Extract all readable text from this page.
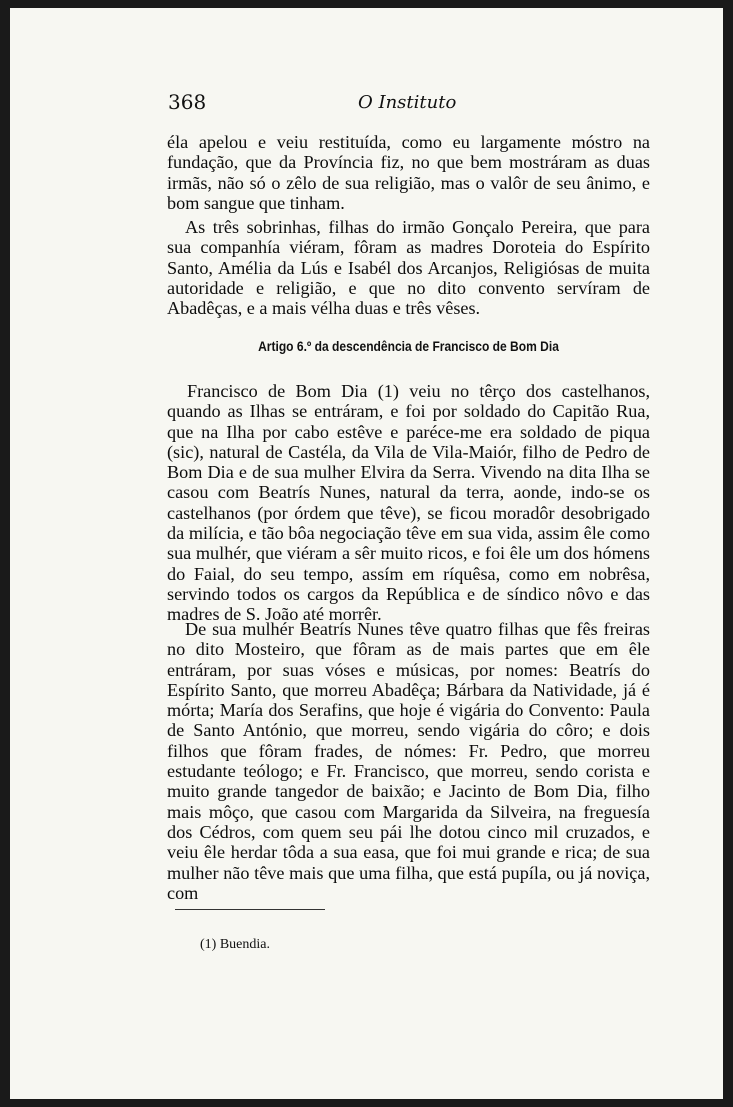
368	O Instituto

éla apelou e veiu restituída, como eu largamente móstro na fundação, que da Província fiz, no que bem mostráram as duas irmãs, não só o zêlo de sua religião, mas o valôr de seu ânimo, e bom sangue que tinham.

As três sobrinhas, filhas do irmão Gonçalo Pereira, que para sua companhía viéram, fôram as madres Doroteia do Espírito Santo, Amélia da Lús e Isabél dos Arcanjos, Religiósas de muita autoridade e religião, e que no dito convento servíram de Abadêças, e a mais vélha duas e três vêses.

Artigo 6.º da descendência de Francisco de Bom Dia

Francisco de Bom Dia (1) veiu no têrço dos castelhanos, quando as Ilhas se entráram, e foi por soldado do Capitão Rua, que na Ilha por cabo estêve e paréce-me era soldado de piqua (sic), natural de Castéla, da Vila de Vila-Maiór, filho de Pedro de Bom Dia e de sua mulher Elvira da Serra. Vivendo na dita Ilha se casou com Beatrís Nunes, natural da terra, aonde, indo-se os castelhanos (por órdem que têve), se ficou moradôr desobrigado da milícia, e tão bôa negociação têve em sua vida, assim êle como sua mulhér, que viéram a sêr muito ricos, e foi êle um dos hómens do Faial, do seu tempo, assím em ríquêsa, como em nobrêsa, servindo todos os cargos da República e de síndico nôvo e das madres de S. João até morrêr.

De sua mulhér Beatrís Nunes têve quatro filhas que fês freiras no dito Mosteiro, que fôram as de mais partes que em êle entráram, por suas vóses e músicas, por nomes: Beatrís do Espírito Santo, que morreu Abadêça; Bárbara da Natividade, já é mórta; María dos Serafins, que hoje é vigária do Convento: Paula de Santo António, que morreu, sendo vigária do côro; e dois filhos que fôram frades, de nómes: Fr. Pedro, que morreu estudante teólogo; e Fr. Francisco, que morreu, sendo corista e muito grande tangedor de baixão; e Jacinto de Bom Dia, filho mais môço, que casou com Margarida da Silveira, na freguesía dos Cédros, com quem seu pái lhe dotou cinco mil cruzados, e veiu êle herdar tôda a sua easa, que foi mui grande e rica; de sua mulher não têve mais que uma filha, que está pupíla, ou já noviça, com

(1) Buendia.
